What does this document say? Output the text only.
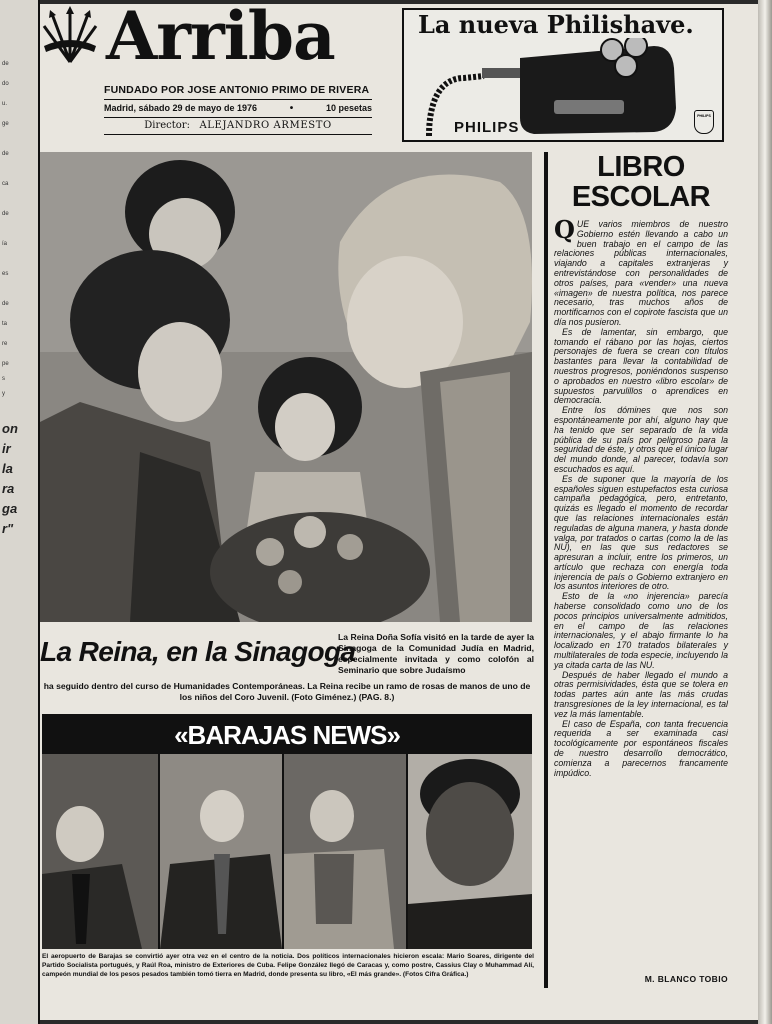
de
do
u.
ge
de
ca
de
ía
es
de
ta
re
pe
s
y
on
ir
la
ra
ga
r"
Arriba
FUNDADO POR JOSE ANTONIO PRIMO DE RIVERA
Madrid, sábado 29 de mayo de 1976	•	10 pesetas
Director: ALEJANDRO ARMESTO
La nueva Philishave.
PHILIPS
PHILIPS
La Reina, en la Sinagoga
La Reina Doña Sofía visitó en la tarde de ayer la Sinagoga de la Comunidad Judía en Madrid, especialmente invitada y como colofón al Seminario que sobre Judaísmo
ha seguido dentro del curso de Humanidades Contemporáneas. La Reina recibe un ramo de rosas de manos de uno de los niños del Coro Juvenil. (Foto Giménez.) (PAG. 8.)
«BARAJAS NEWS»
El aeropuerto de Barajas se convirtió ayer otra vez en el centro de la noticia. Dos políticos internacionales hicieron escala: Mario Soares, dirigente del Partido Socialista portugués, y Raúl Roa, ministro de Exteriores de Cuba. Felipe González llegó de Caracas y, como postre, Cassius Clay o Muhammad Alí, campeón mundial de los pesos pesados también tomó tierra en Madrid, donde presenta su libro, «El más grande». (Fotos Cifra Gráfica.)
LIBRO
ESCOLAR

QUE varios miembros de nuestro Gobierno estén llevando a cabo un buen trabajo en el campo de las relaciones públicas internacionales, viajando a capitales extranjeras y entrevistándose con personalidades de otros países, para «vender» una nueva «imagen» de nuestra política, nos parece necesario, tras muchos años de mortificarnos con el copirote fascista que un día nos pusieron.

Es de lamentar, sin embargo, que tomando el rábano por las hojas, ciertos personajes de fuera se crean con títulos bastantes para llevar la contabilidad de nuestros progresos, poniéndonos suspenso o aprobados en nuestro «libro escolar» de supuestos parvulillos o aprendices en democracia.

Entre los dómines que nos son espontáneamente por ahí, alguno hay que ha tenido que ser separado de la vida pública de su país por peligroso para la seguridad de éste, y otros que el único lugar del mundo donde, al parecer, todavía son escuchados es aquí.

Es de suponer que la mayoría de los españoles siguen estupefactos esta curiosa campaña pedagógica, pero, entretanto, quizás es llegado el momento de recordar que las relaciones internacionales están reguladas de alguna manera, y hasta donde valga, por tratados o cartas (como la de las NU), en las que sus redactores se apresuran a incluir, entre los primeros, un artículo que rechaza con energía toda injerencia de país o Gobierno extranjero en los asuntos interiores de otro.

Esto de la «no injerencia» parecía haberse consolidado como uno de los pocos principios universalmente admitidos, en el campo de las relaciones internacionales, y el abajo firmante lo ha localizado en 170 tratados bilaterales y multilaterales de toda especie, incluyendo la ya citada carta de las NU.

Después de haber llegado el mundo a otras permisividades, ésta que se tolera en todas partes aún ante las más crudas transgresiones de la ley internacional, es tal vez la más lamentable.

El caso de España, con tanta frecuencia requerida a ser examinada casi tocológicamente por espontáneos fiscales de nuestro desarrollo democrático, comienza a parecernos francamente impúdico.

M. BLANCO TOBIO
